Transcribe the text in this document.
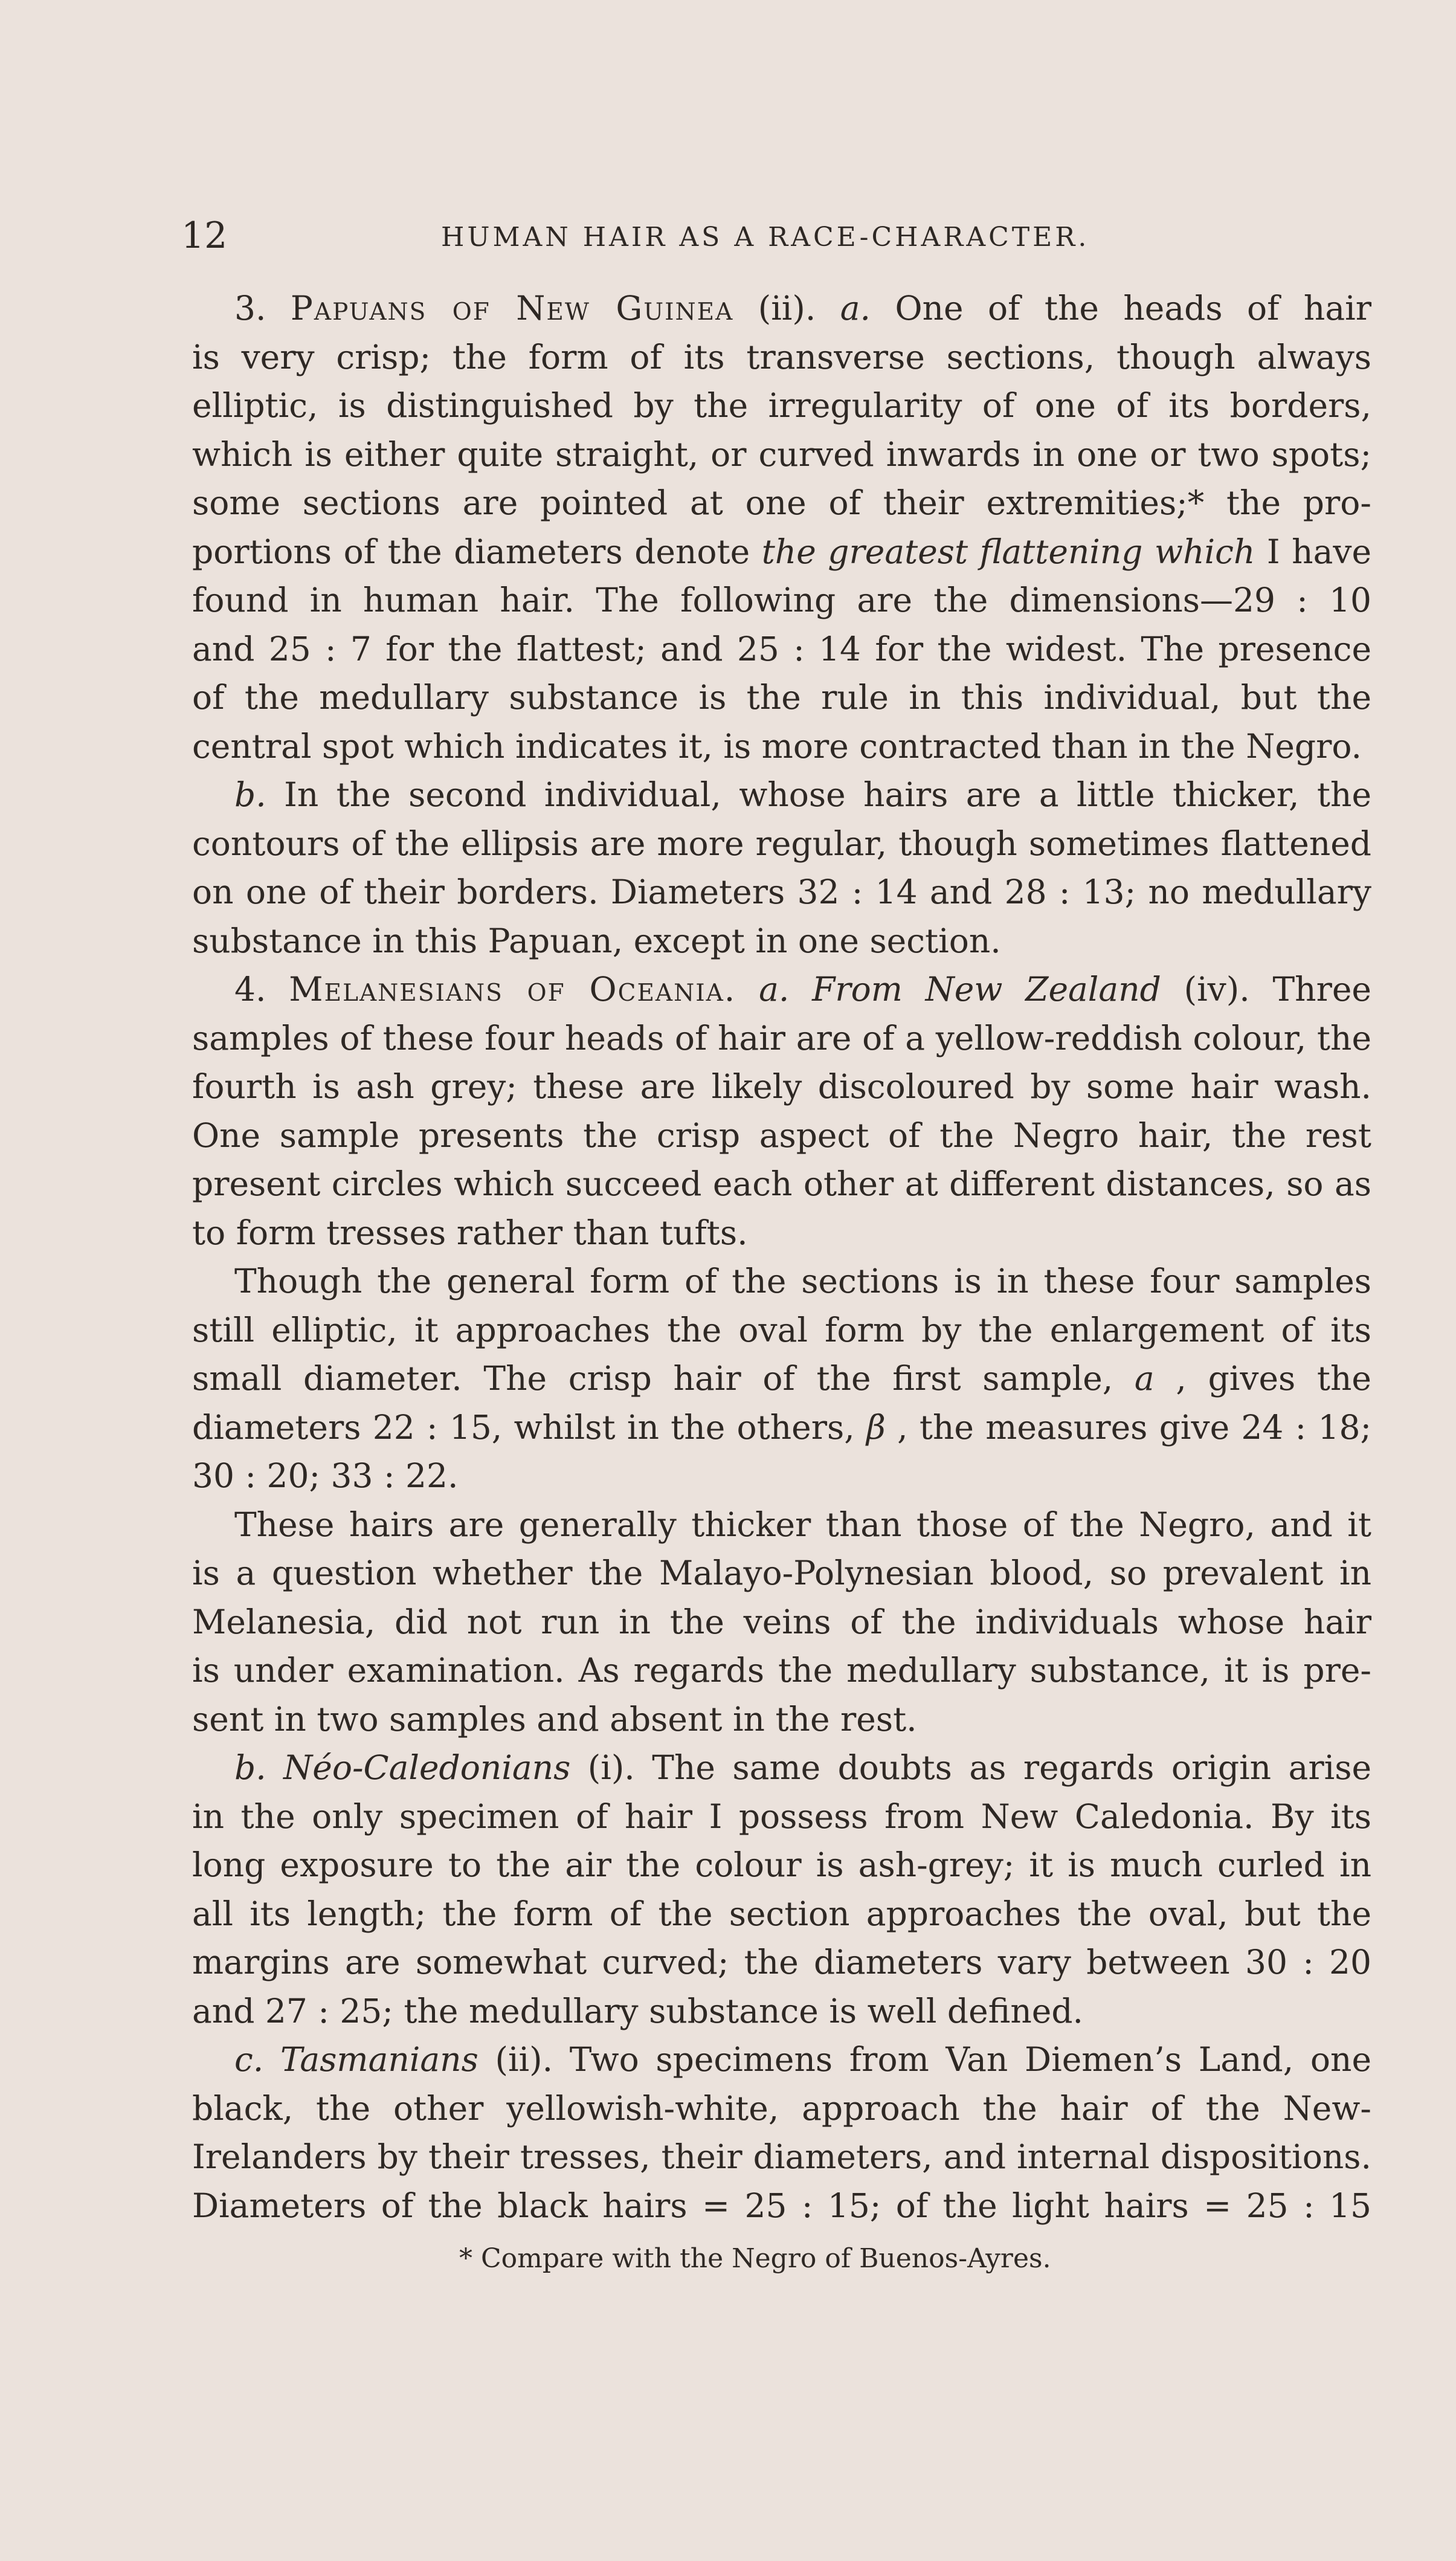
12	HUMAN HAIR AS A RACE-CHARACTER.
3. Papuans of New Guinea (ii). a. One of the heads of hair
is very crisp; the form of its transverse sections, though always
elliptic, is distinguished by the irregularity of one of its borders,
which is either quite straight, or curved inwards in one or two spots;
some sections are pointed at one of their extremities;* the pro-
portions of the diameters denote the greatest flattening which I have
found in human hair. The following are the dimensions—29 : 10
and 25 : 7 for the flattest; and 25 : 14 for the widest. The presence
of the medullary substance is the rule in this individual, but the
central spot which indicates it, is more contracted than in the Negro.
b. In the second individual, whose hairs are a little thicker, the
contours of the ellipsis are more regular, though sometimes flattened
on one of their borders. Diameters 32 : 14 and 28 : 13; no medullary
substance in this Papuan, except in one section.
4. Melanesians of Oceania. a. From New Zealand (iv). Three
samples of these four heads of hair are of a yellow-reddish colour, the
fourth is ash grey; these are likely discoloured by some hair wash.
One sample presents the crisp aspect of the Negro hair, the rest
present circles which succeed each other at different distances, so as
to form tresses rather than tufts.
Though the general form of the sections is in these four samples
still elliptic, it approaches the oval form by the enlargement of its
small diameter. The crisp hair of the first sample, a , gives the
diameters 22 : 15, whilst in the others, β , the measures give 24 : 18;
30 : 20; 33 : 22.
These hairs are generally thicker than those of the Negro, and it
is a question whether the Malayo-Polynesian blood, so prevalent in
Melanesia, did not run in the veins of the individuals whose hair
is under examination. As regards the medullary substance, it is pre-
sent in two samples and absent in the rest.
b. Néo-Caledonians (i). The same doubts as regards origin arise
in the only specimen of hair I possess from New Caledonia. By its
long exposure to the air the colour is ash-grey; it is much curled in
all its length; the form of the section approaches the oval, but the
margins are somewhat curved; the diameters vary between 30 : 20
and 27 : 25; the medullary substance is well defined.
c. Tasmanians (ii). Two specimens from Van Diemen’s Land, one
black, the other yellowish-white, approach the hair of the New-
Irelanders by their tresses, their diameters, and internal dispositions.
Diameters of the black hairs = 25 : 15; of the light hairs = 25 : 15
* Compare with the Negro of Buenos-Ayres.
